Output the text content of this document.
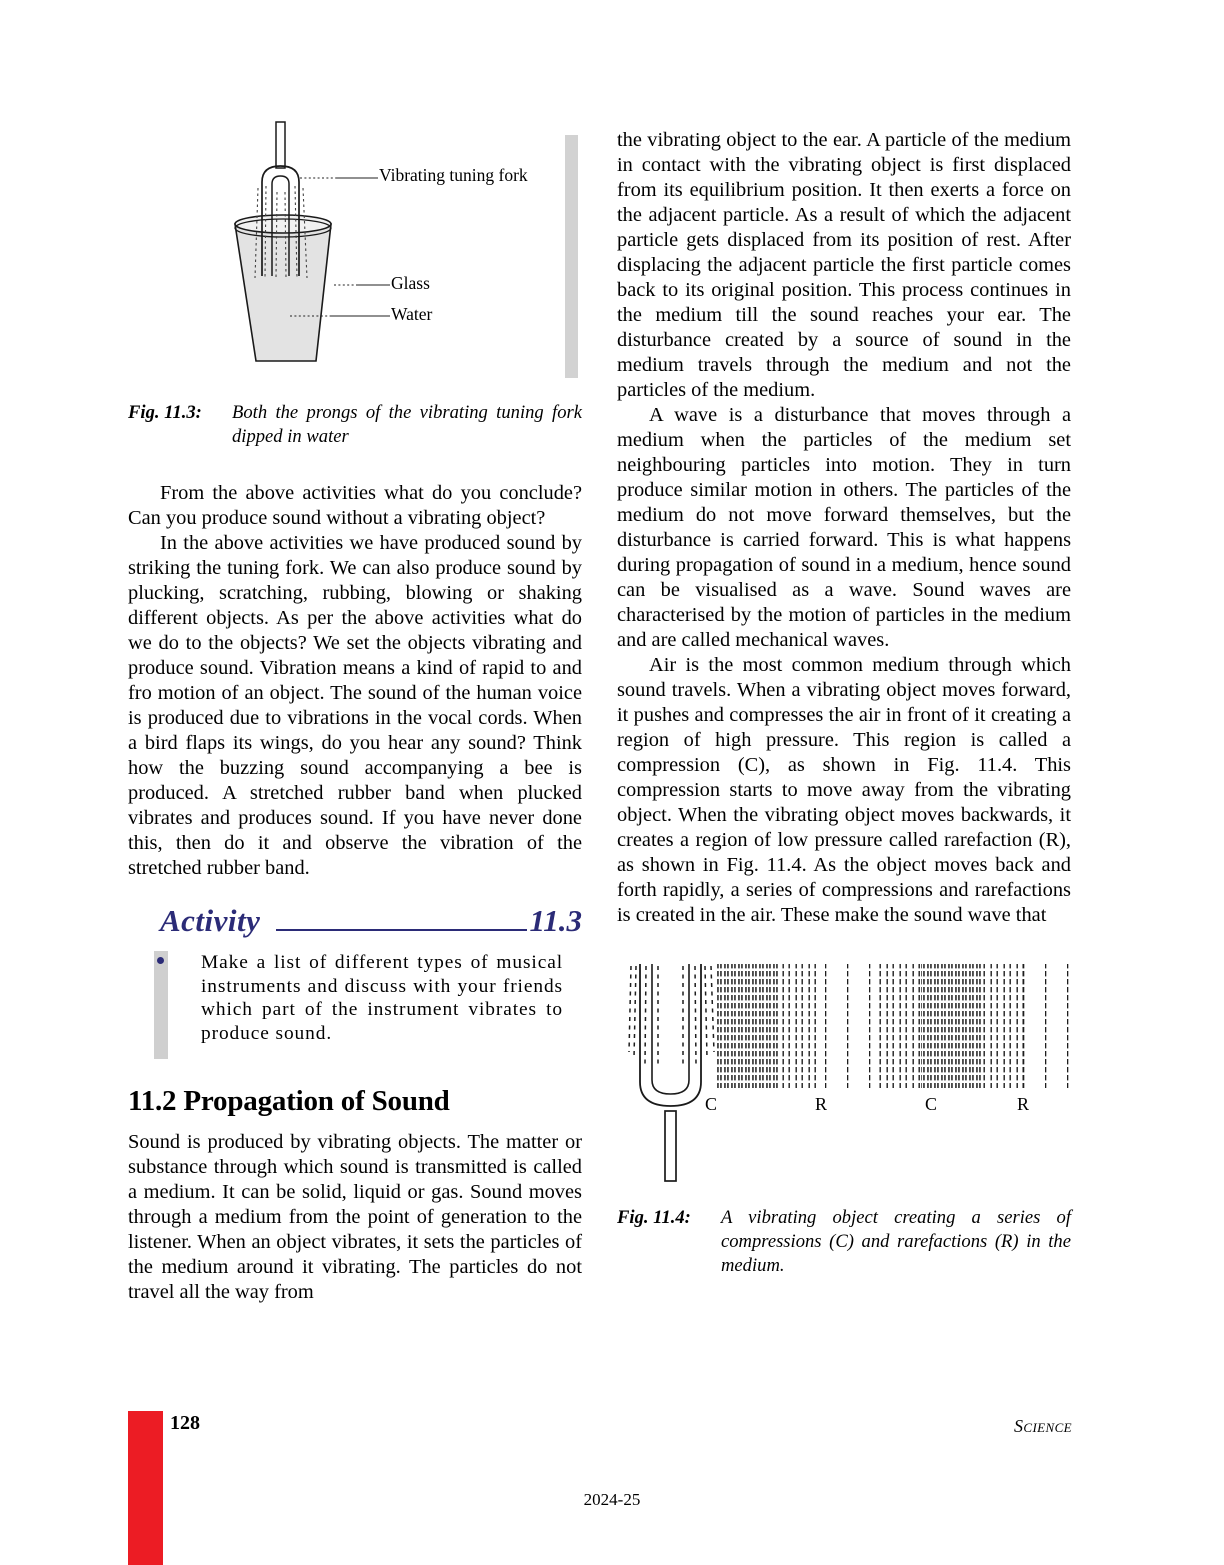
Vibrating tuning fork
Glass
Water
Fig. 11.3:	Both the prongs of the vibrating tuning fork dipped in water

From the above activities what do you conclude? Can you produce sound without a vibrating object?

In the above activities we have produced sound by striking the tuning fork. We can also produce sound by plucking, scratching, rubbing, blowing or shaking different objects. As per the above activities what do we do to the objects? We set the objects vibrating and produce sound. Vibration means a kind of rapid to and fro motion of an object. The sound of the human voice is produced due to vibrations in the vocal cords. When a bird flaps its wings, do you hear any sound? Think how the buzzing sound accompanying a bee is produced. A stretched rubber band when plucked vibrates and produces sound. If you have never done this, then do it and observe the vibration of the stretched rubber band.

Activity	11.3

Make a list of different types of musical instruments and discuss with your friends which part of the instrument vibrates to produce sound.

11.2 Propagation of Sound

Sound is produced by vibrating objects. The matter or substance through which sound is transmitted is called a medium. It can be solid, liquid or gas. Sound moves through a medium from the point of generation to the listener. When an object vibrates, it sets the particles of the medium around it vibrating. The particles do not travel all the way from

the vibrating object to the ear. A particle of the medium in contact with the vibrating object is first displaced from its equilibrium position. It then exerts a force on the adjacent particle. As a result of which the adjacent particle gets displaced from its position of rest. After displacing the adjacent particle the first particle comes back to its original position. This process continues in the medium till the sound reaches your ear. The disturbance created by a source of sound in the medium travels through the medium and not the particles of the medium.

A wave is a disturbance that moves through a medium when the particles of the medium set neighbouring particles into motion. They in turn produce similar motion in others. The particles of the medium do not move forward themselves, but the disturbance is carried forward. This is what happens during propagation of sound in a medium, hence sound can be visualised as a wave. Sound waves are characterised by the motion of particles in the medium and are called mechanical waves.

Air is the most common medium through which sound travels. When a vibrating object moves forward, it pushes and compresses the air in front of it creating a region of high pressure. This region is called a compression (C), as shown in Fig. 11.4. This compression starts to move away from the vibrating object. When the vibrating object moves backwards, it creates a region of low pressure called rarefaction (R), as shown in Fig. 11.4. As the object moves back and forth rapidly, a series of compressions and rarefactions is created in the air. These make the sound wave that

C	R	C	R
Fig. 11.4:	A vibrating object creating a series of compressions (C) and rarefactions (R) in the medium.
128	Science
2024-25
